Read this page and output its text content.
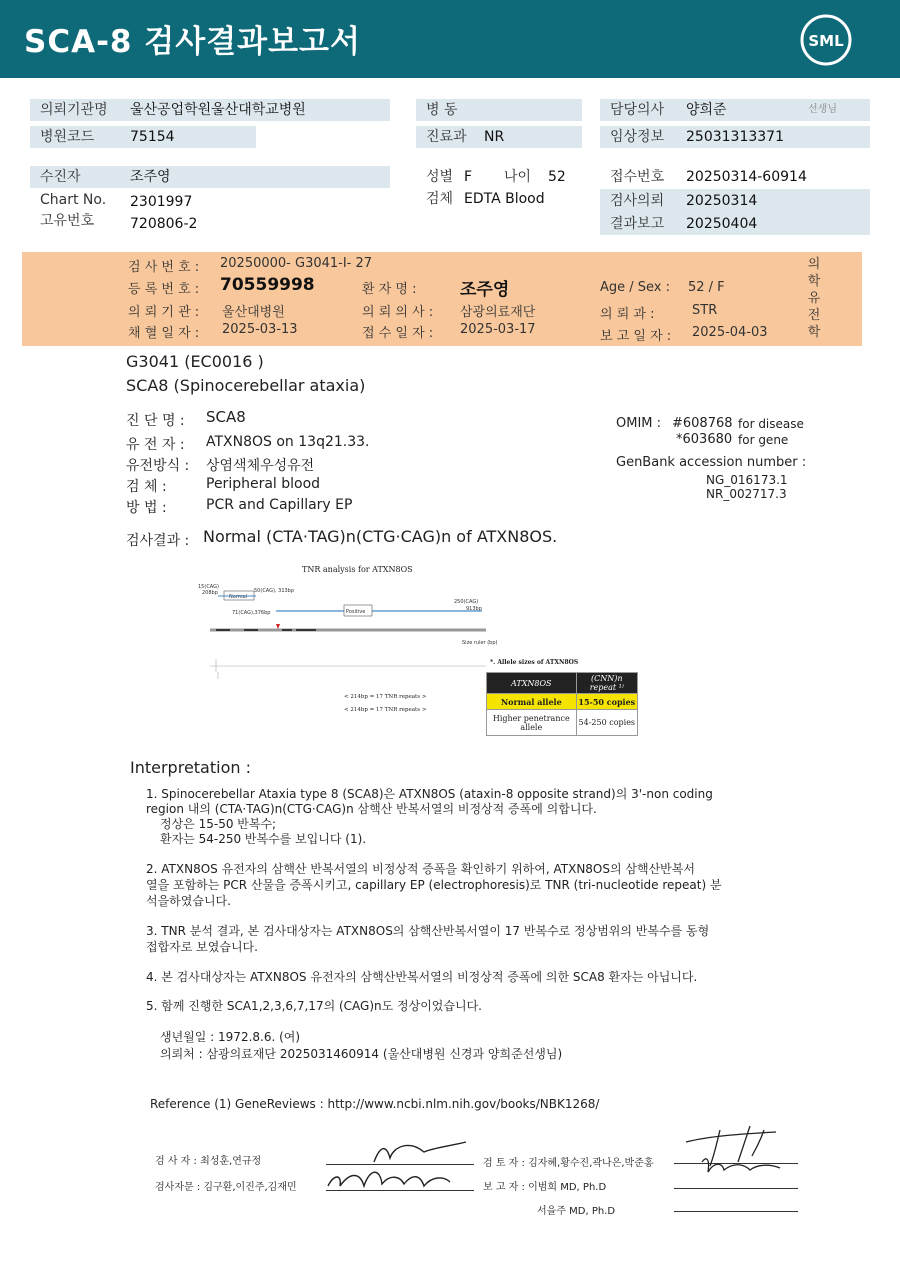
SCA-8 검사결과보고서	SML
의뢰기관명	울산공업학원울산대학교병원
병원코드	75154
병 동
진료과	NR
담당의사	양희준	선생님
임상정보	25031313371
수진자	조주영
Chart No. 2301997
고유번호	720806-2
성별 F 나이 52
검체 EDTA Blood
접수번호 20250314-60914
검사의뢰 20250314
결과보고 20250404
검 사 번 호 : 20250000- G3041-I- 27
등 록 번 호 : 70559998	환 자 명 :	조주영	Age / Sex : 52 / F
의 뢰 기 관 : 울산대병원	의 뢰 의 사 : 삼광의료재단	의 뢰 과 :	STR
채 혈 일 자 : 2025-03-13	접 수 일 자 : 2025-03-17	보 고 일 자 : 2025-04-03
의학유전학
G3041 (EC0016 )
SCA8 (Spinocerebellar ataxia)
진 단 명 : SCA8
유 전 자 : ATXN8OS on 13q21.33.
유전방식 : 상염색체우성유전
검 체 :	Peripheral blood
방 법 :	PCR and Capillary EP
OMIM : #608768 for disease
*603680 for gene
GenBank accession number :
NG_016173.1
NR_002717.3
검사결과 : Normal (CTA·TAG)n(CTG·CAG)n of ATXN8OS.
TNR analysis for ATXN8OS
15(CAG)
208bp
Normal
50(CAG), 313bp
71(CAG),376bp	Positive
250(CAG)
913bp
Size ruler (bp)
< 214bp = 17 TNR repeats >
< 214bp = 17 TNR repeats >
*. Allele sizes of ATXN8OS
ATXN8OS	(CNN)n repeat ¹⁾
Normal allele	15-50 copies
Higher penetrance allele	54-250 copies
Interpretation :
1. Spinocerebellar Ataxia type 8 (SCA8)은 ATXN8OS (ataxin-8 opposite strand)의 3'-non coding
region 내의 (CTA·TAG)n(CTG·CAG)n 삼핵산 반복서열의 비정상적 증폭에 의합니다.
정상은 15-50 반복수;
환자는 54-250 반복수를 보입니다 (1).
2. ATXN8OS 유전자의 삼핵산 반복서열의 비정상적 증폭을 확인하기 위하여, ATXN8OS의 삼핵산반복서
열을 포함하는 PCR 산물을 증폭시키고, capillary EP (electrophoresis)로 TNR (tri-nucleotide repeat) 분
석을하였습니다.
3. TNR 분석 결과, 본 검사대상자는 ATXN8OS의 삼핵산반복서열이 17 반복수로 정상범위의 반복수를 동형
접합자로 보였습니다.
4. 본 검사대상자는 ATXN8OS 유전자의 삼핵산반복서열의 비정상적 증폭에 의한 SCA8 환자는 아닙니다.
5. 함께 진행한 SCA1,2,3,6,7,17의 (CAG)n도 정상이었습니다.
생년월일 : 1972.8.6. (여)
의뢰처 : 삼광의료재단 2025031460914 (울산대병원 신경과 양희준선생님)
Reference (1) GeneReviews : http://www.ncbi.nlm.nih.gov/books/NBK1268/
검 사 자 : 최성훈,연규정
검사자문 : 김구환,이진주,김재민
검 토 자 : 김자혜,황수진,곽나은,박준홍
보 고 자 : 이범희 MD, Ph.D
서을주 MD, Ph.D
